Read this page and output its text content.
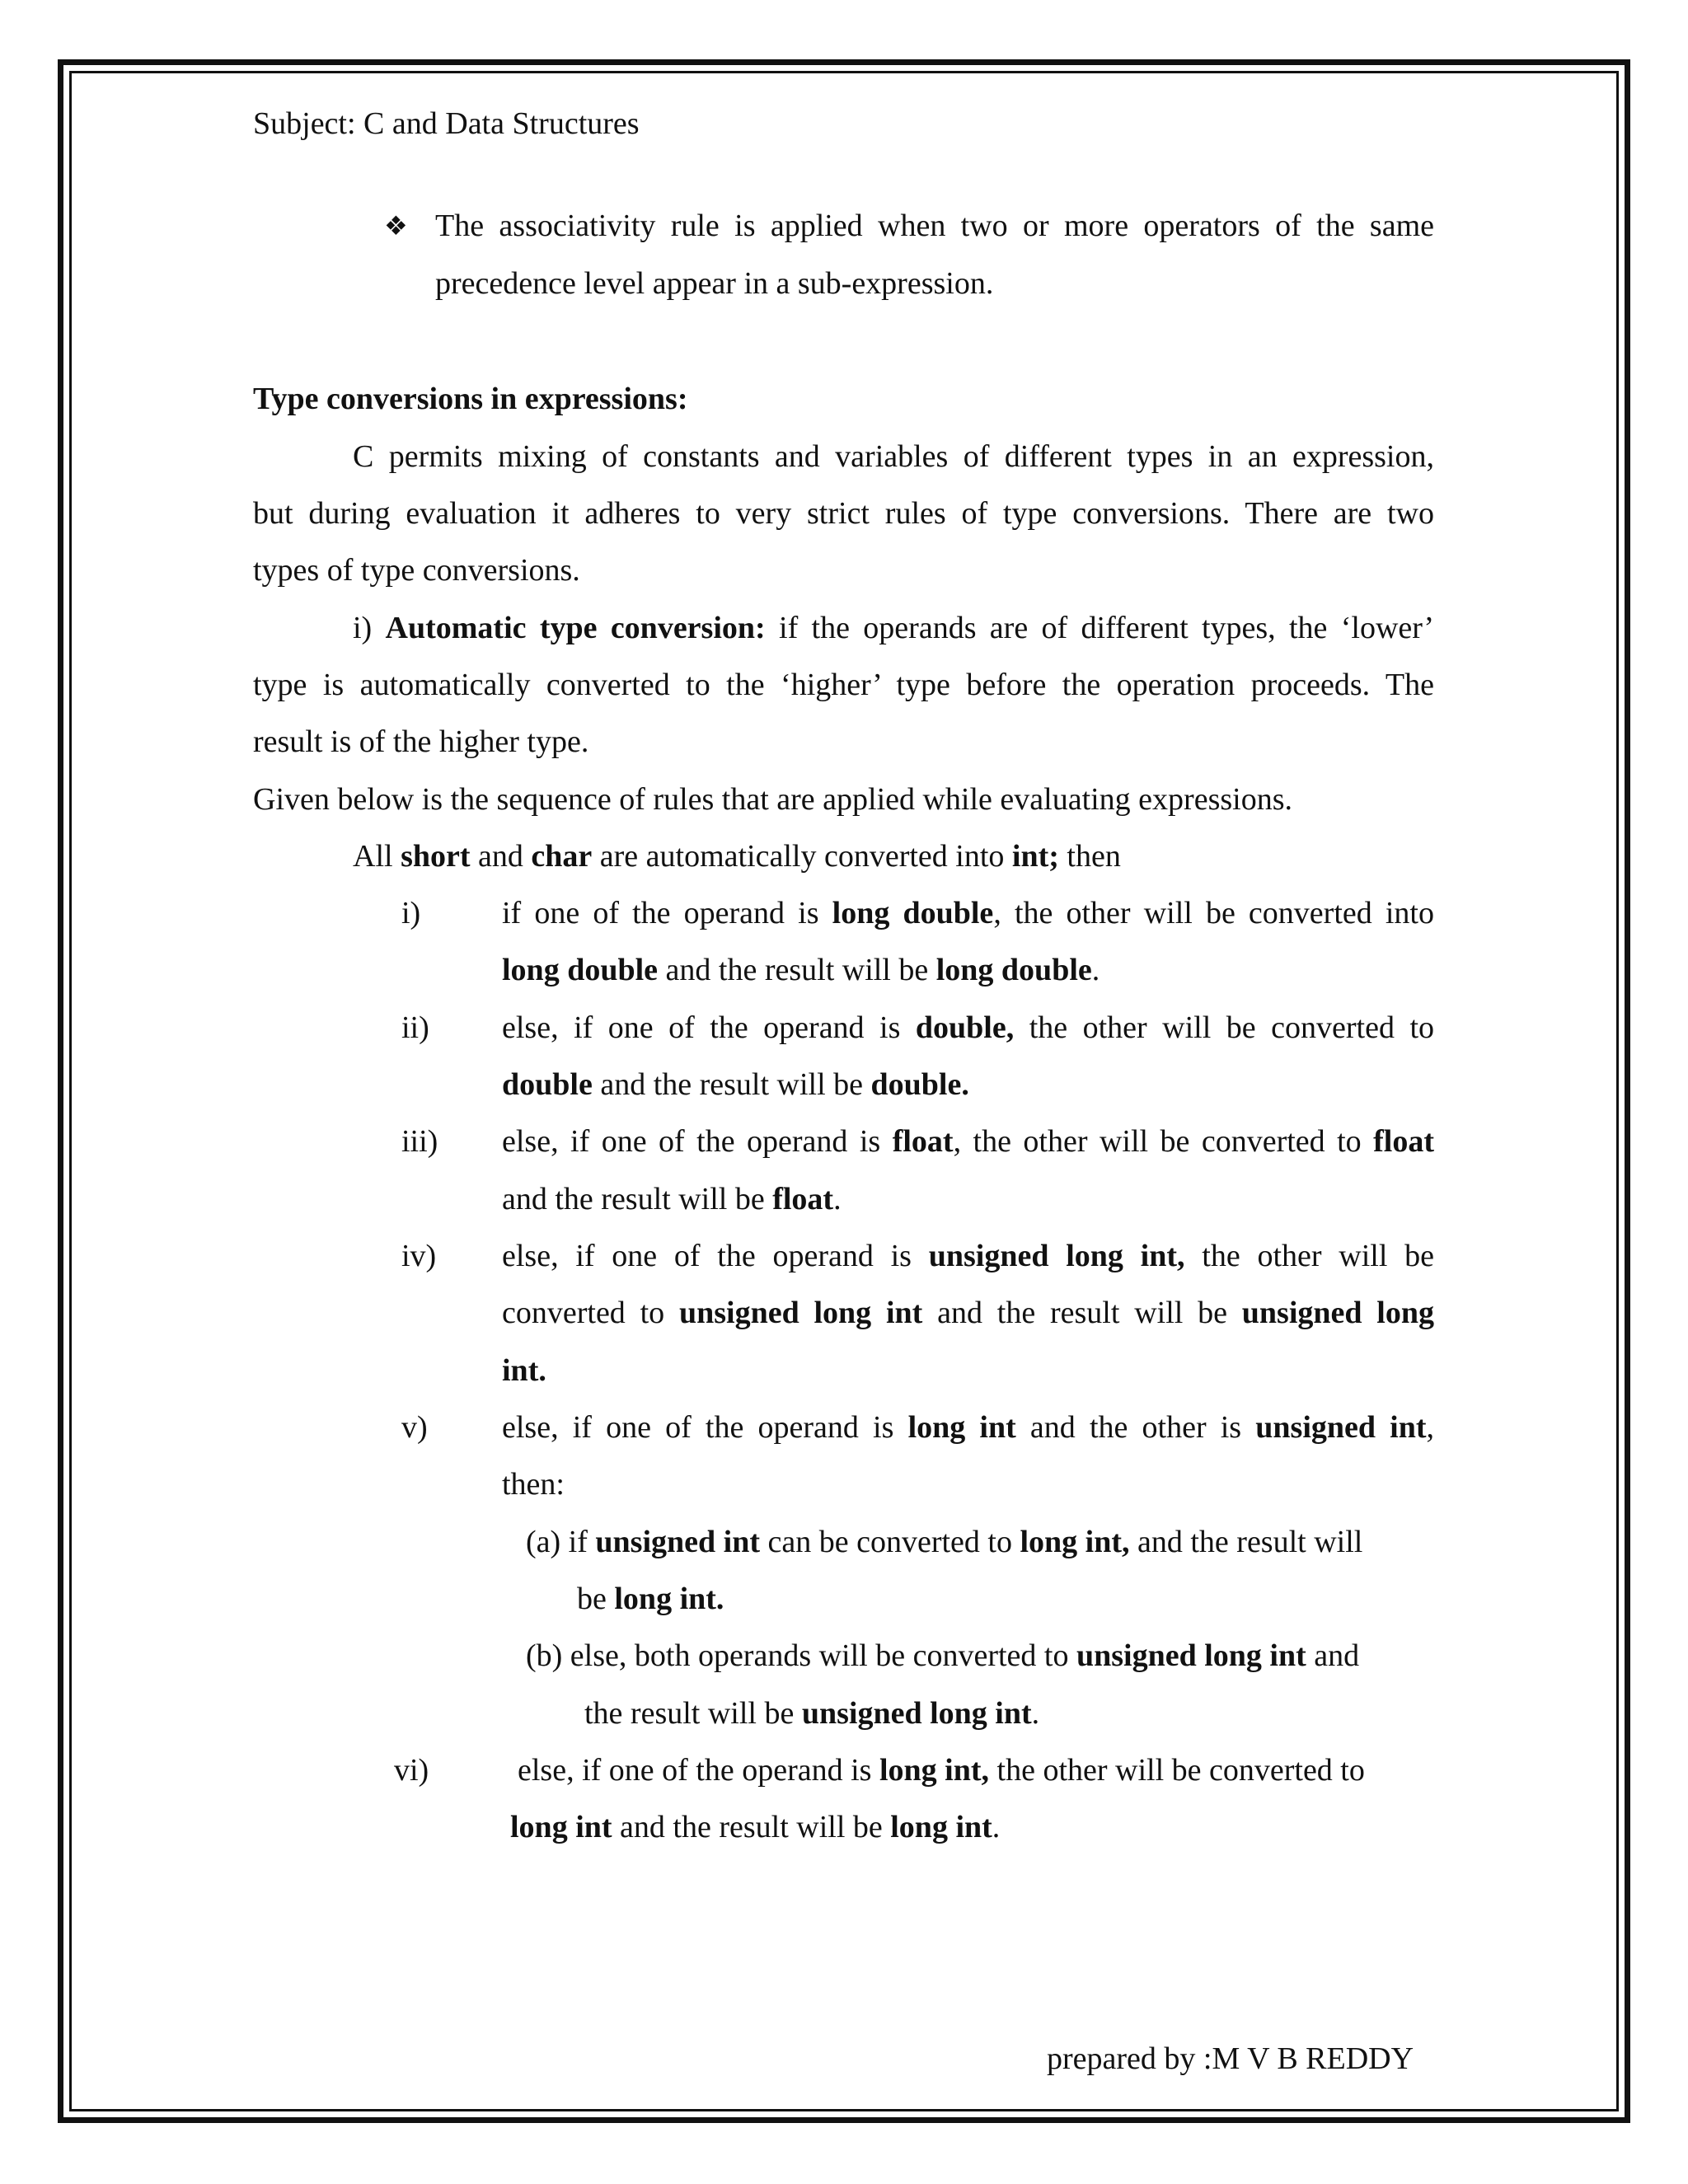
Subject: C and Data Structures
❖ The associativity rule is applied when two or more operators of the same
precedence level appear in a sub-expression.
Type conversions in expressions:
C permits mixing of constants and variables of different types in an expression,
but during evaluation it adheres to very strict rules of type conversions. There are two
types of type conversions.
i) Automatic type conversion: if the operands are of different types, the ‘lower’
type is automatically converted to the ‘higher’ type before the operation proceeds. The
result is of the higher type.
Given below is the sequence of rules that are applied while evaluating expressions.
All short and char are automatically converted into int; then
i)	if one of the operand is long double, the other will be converted into
long double and the result will be long double.
ii) else, if one of the operand is double, the other will be converted to
double and the result will be double.
iii) else, if one of the operand is float, the other will be converted to float
and the result will be float.
iv) else, if one of the operand is unsigned long int, the other will be
converted to unsigned long int and the result will be unsigned long
int.
v) else, if one of the operand is long int and the other is unsigned int,
then:
(a) if unsigned int can be converted to long int, and the result will
be long int.
(b) else, both operands will be converted to unsigned long int and
the result will be unsigned long int.
vi)	else, if one of the operand is long int, the other will be converted to
long int and the result will be long int.
prepared by :M V B REDDY
